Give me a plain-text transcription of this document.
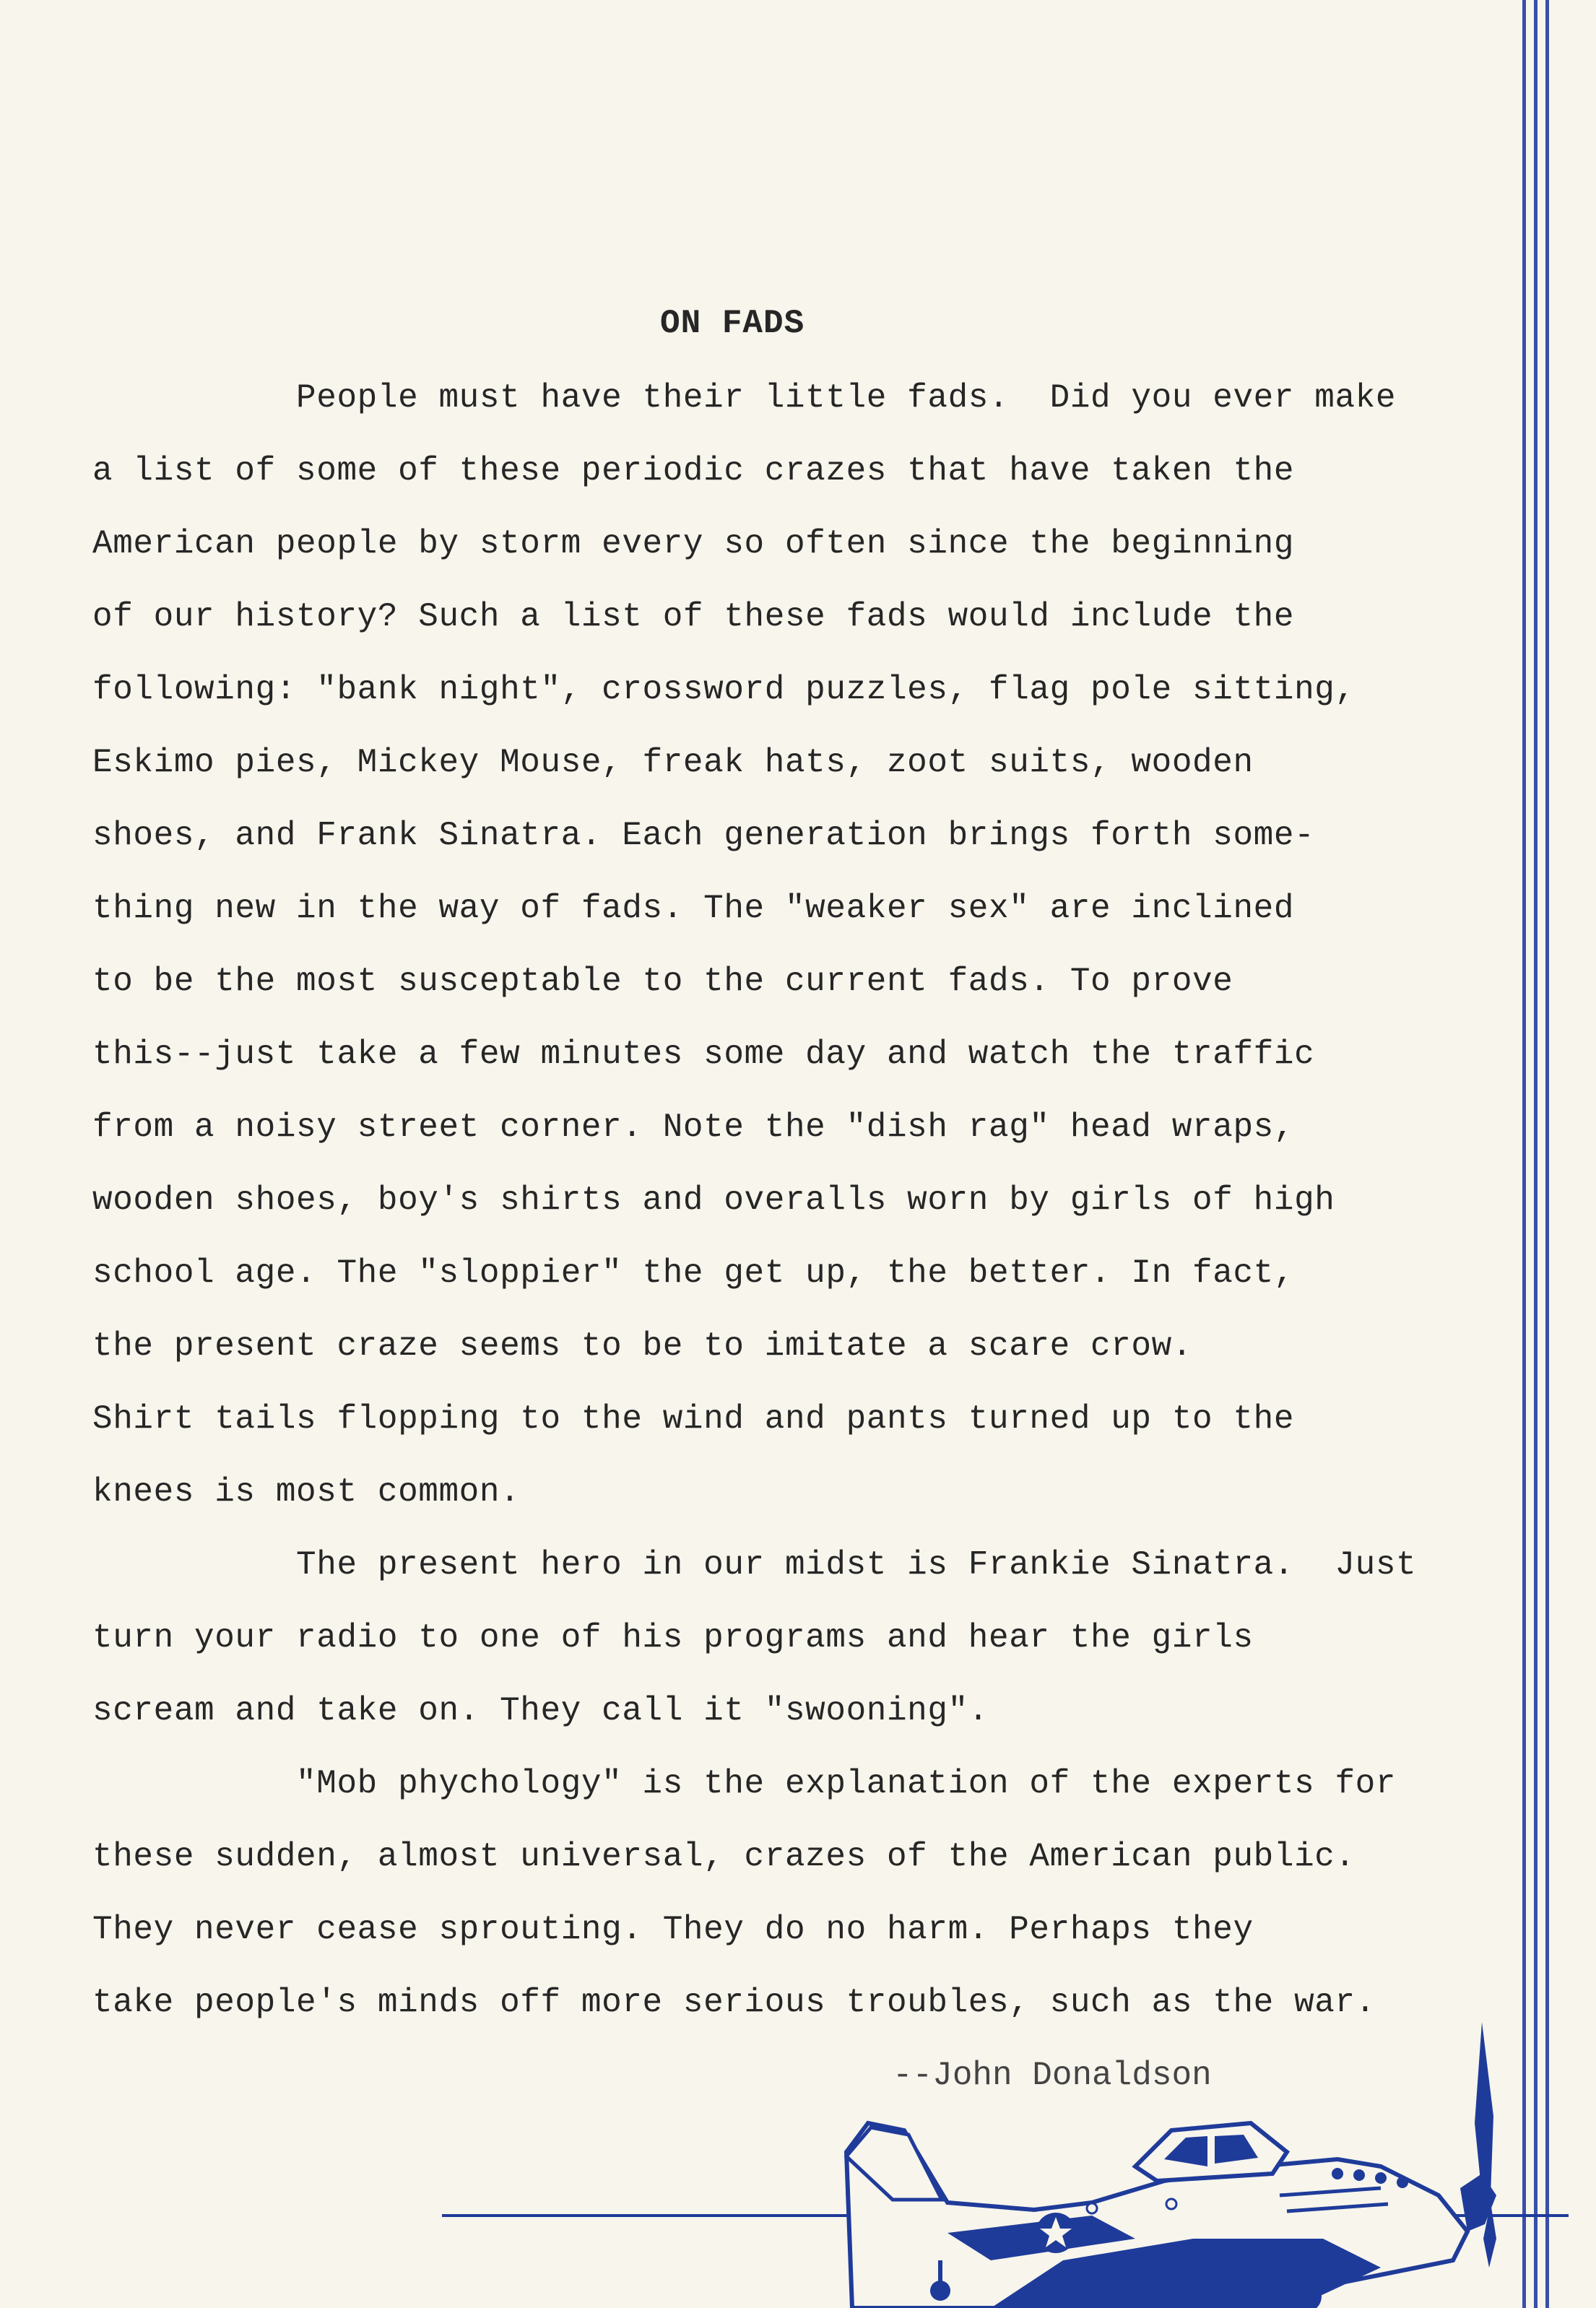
ON FADS
People must have their little fads.  Did you ever make
a list of some of these periodic crazes that have taken the
American people by storm every so often since the beginning
of our history? Such a list of these fads would include the
following: "bank night", crossword puzzles, flag pole sitting,
Eskimo pies, Mickey Mouse, freak hats, zoot suits, wooden
shoes, and Frank Sinatra. Each generation brings forth some-
thing new in the way of fads. The "weaker sex" are inclined
to be the most susceptable to the current fads. To prove
this--just take a few minutes some day and watch the traffic
from a noisy street corner. Note the "dish rag" head wraps,
wooden shoes, boy's shirts and overalls worn by girls of high
school age. The "sloppier" the get up, the better. In fact,
the present craze seems to be to imitate a scare crow.
Shirt tails flopping to the wind and pants turned up to the
knees is most common.
The present hero in our midst is Frankie Sinatra.  Just
turn your radio to one of his programs and hear the girls
scream and take on. They call it "swooning".
"Mob phychology" is the explanation of the experts for
these sudden, almost universal, crazes of the American public.
They never cease sprouting. They do no harm. Perhaps they
take people's minds off more serious troubles, such as the war.
--John Donaldson
